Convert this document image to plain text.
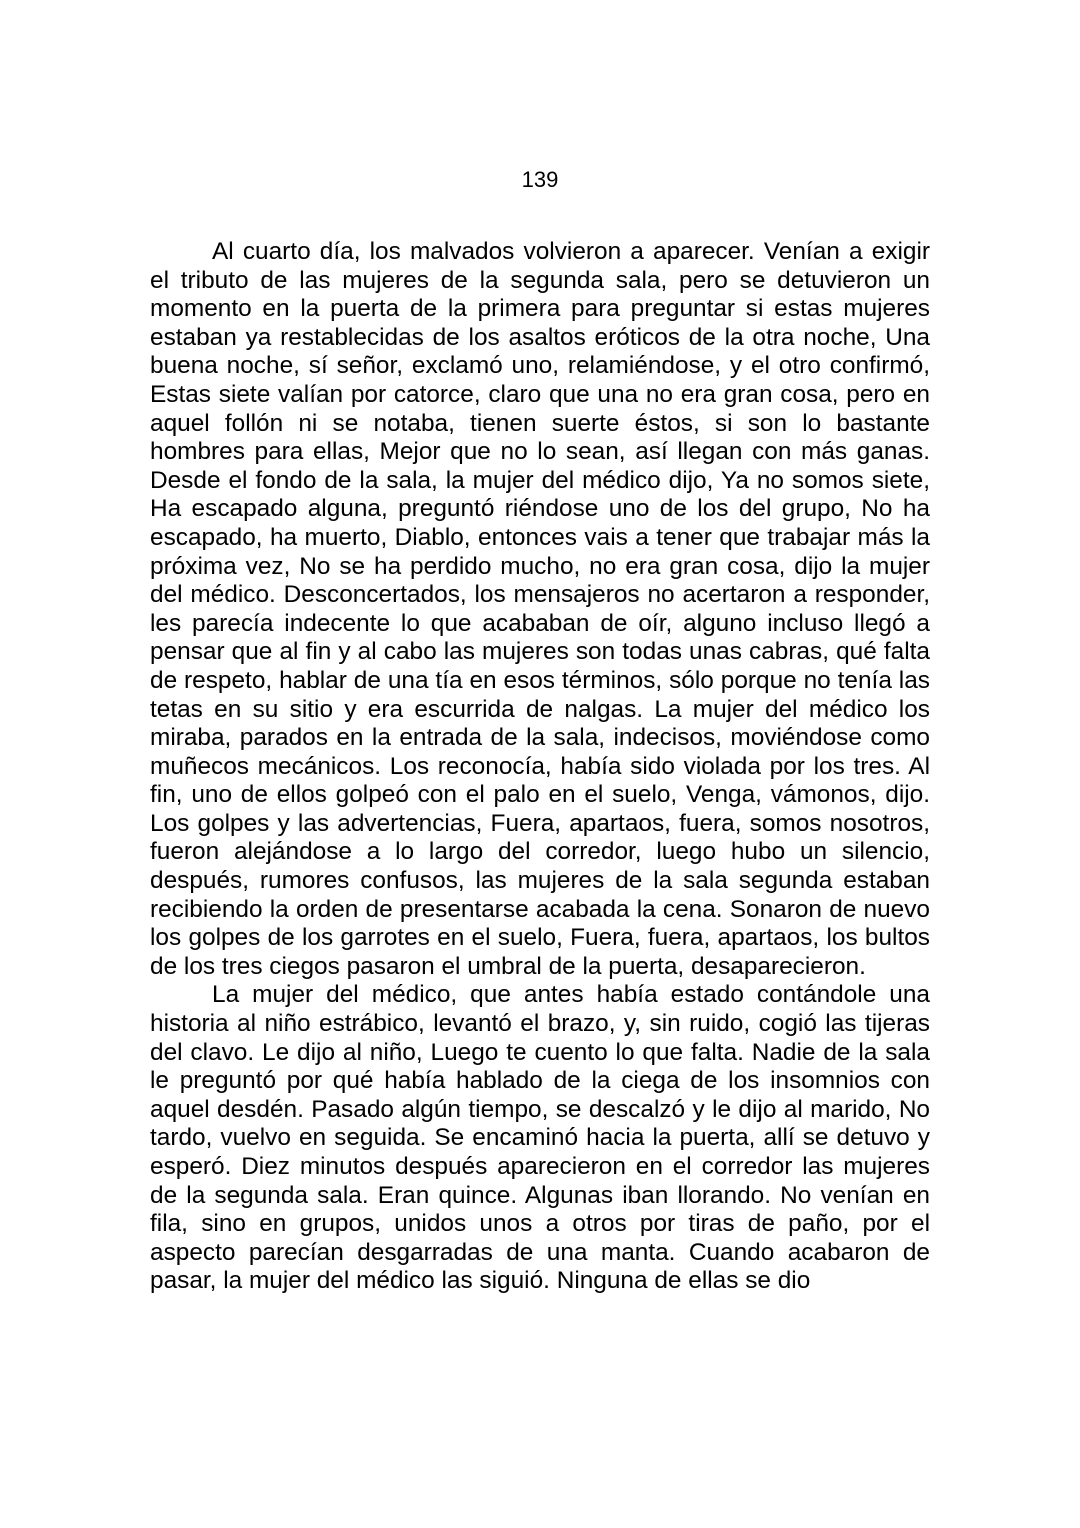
139

Al cuarto día, los malvados volvieron a aparecer. Venían a exigir el tributo de las mujeres de la segunda sala, pero se detuvieron un momento en la puerta de la primera para preguntar si estas mujeres estaban ya restablecidas de los asaltos eróticos de la otra noche, Una buena noche, sí señor, exclamó uno, relamiéndose, y el otro confirmó, Estas siete valían por catorce, claro que una no era gran cosa, pero en aquel follón ni se notaba, tienen suerte éstos, si son lo bastante hombres para ellas, Mejor que no lo sean, así llegan con más ganas. Desde el fondo de la sala, la mujer del médico dijo, Ya no somos siete, Ha escapado alguna, preguntó riéndose uno de los del grupo, No ha escapado, ha muerto, Diablo, entonces vais a tener que trabajar más la próxima vez, No se ha perdido mucho, no era gran cosa, dijo la mujer del médico. Desconcertados, los mensajeros no acertaron a responder, les parecía indecente lo que acababan de oír, alguno incluso llegó a pensar que al fin y al cabo las mujeres son todas unas cabras, qué falta de respeto, hablar de una tía en esos términos, sólo porque no tenía las tetas en su sitio y era escurrida de nalgas. La mujer del médico los miraba, parados en la entrada de la sala, indecisos, moviéndose como muñecos mecánicos. Los reconocía, había sido violada por los tres. Al fin, uno de ellos golpeó con el palo en el suelo, Venga, vámonos, dijo. Los golpes y las advertencias, Fuera, apartaos, fuera, somos nosotros, fueron alejándose a lo largo del corredor, luego hubo un silencio, después, rumores confusos, las mujeres de la sala segunda estaban recibiendo la orden de presentarse acabada la cena. Sonaron de nuevo los golpes de los garrotes en el suelo, Fuera, fuera, apartaos, los bultos de los tres ciegos pasaron el umbral de la puerta, desaparecieron.

La mujer del médico, que antes había estado contándole una historia al niño estrábico, levantó el brazo, y, sin ruido, cogió las tijeras del clavo. Le dijo al niño, Luego te cuento lo que falta. Nadie de la sala le preguntó por qué había hablado de la ciega de los insomnios con aquel desdén. Pasado algún tiempo, se descalzó y le dijo al marido, No tardo, vuelvo en seguida. Se encaminó hacia la puerta, allí se detuvo y esperó. Diez minutos después aparecieron en el corredor las mujeres de la segunda sala. Eran quince. Algunas iban llorando. No venían en fila, sino en grupos, unidos unos a otros por tiras de paño, por el aspecto parecían desgarradas de una manta. Cuando acabaron de pasar, la mujer del médico las siguió. Ninguna de ellas se dio
